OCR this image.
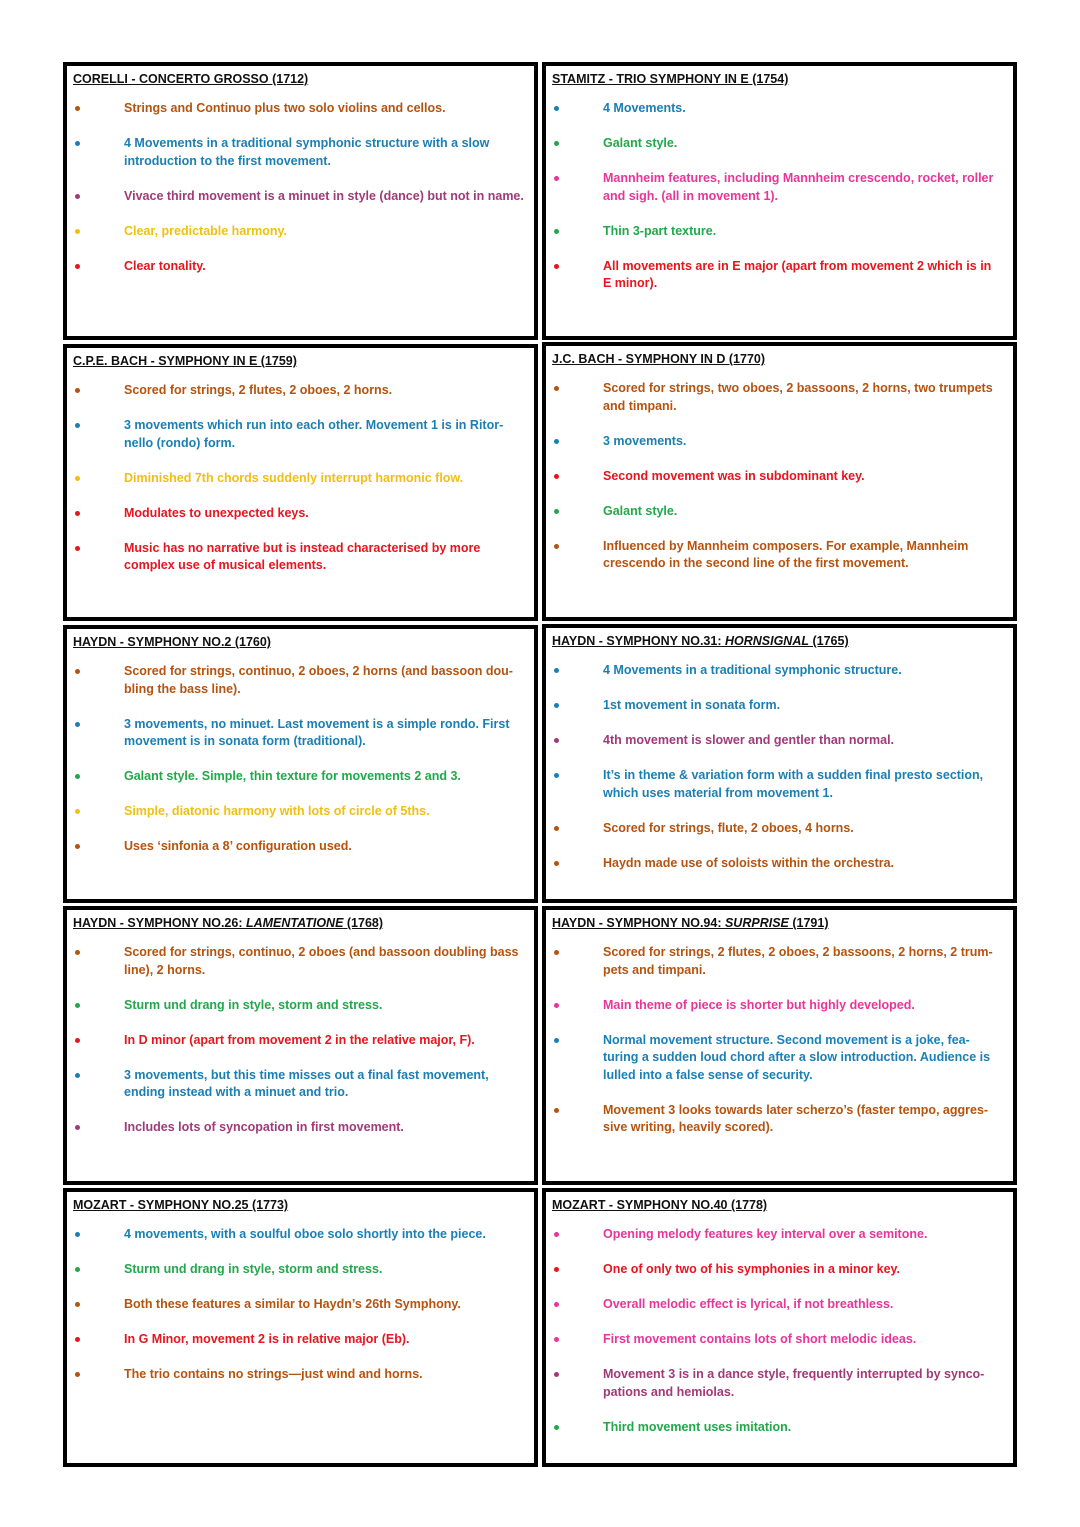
CORELLI - CONCERTO GROSSO (1712)
Strings and Continuo plus two solo violins and cellos.
4 Movements in a traditional symphonic structure with a slow introduction to the first movement.
Vivace third movement is a minuet in style (dance) but not in name.
Clear, predictable harmony.
Clear tonality.
STAMITZ - TRIO SYMPHONY IN E (1754)
4 Movements.
Galant style.
Mannheim features, including Mannheim crescendo, rocket, roller and sigh. (all in movement 1).
Thin 3-part texture.
All movements are in E major (apart from movement 2 which is in E minor).
C.P.E. BACH - SYMPHONY IN E (1759)
Scored for strings, 2 flutes, 2 oboes, 2 horns.
3 movements which run into each other. Movement 1 is in Ritor-nello (rondo) form.
Diminished 7th chords suddenly interrupt harmonic flow.
Modulates to unexpected keys.
Music has no narrative but is instead characterised by more complex use of musical elements.
J.C. BACH - SYMPHONY IN D (1770)
Scored for strings, two oboes, 2 bassoons, 2 horns, two trumpets and timpani.
3 movements.
Second movement was in subdominant key.
Galant style.
Influenced by Mannheim composers. For example, Mannheim crescendo in the second line of the first movement.
HAYDN - SYMPHONY NO.2 (1760)
Scored for strings, continuo, 2 oboes, 2 horns (and bassoon dou-bling the bass line).
3 movements, no minuet. Last movement is a simple rondo. First movement is in sonata form (traditional).
Galant style. Simple, thin texture for movements 2 and 3.
Simple, diatonic harmony with lots of circle of 5ths.
Uses ‘sinfonia a 8’ configuration used.
HAYDN - SYMPHONY NO.31: HORNSIGNAL (1765)
4 Movements in a traditional symphonic structure.
1st movement in sonata form.
4th movement is slower and gentler than normal.
It’s in theme & variation form with a sudden final presto section, which uses material from movement 1.
Scored for strings, flute, 2 oboes, 4 horns.
Haydn made use of soloists within the orchestra.
HAYDN - SYMPHONY NO.26: LAMENTATIONE (1768)
Scored for strings, continuo, 2 oboes (and bassoon doubling bass line), 2 horns.
Sturm und drang in style, storm and stress.
In D minor (apart from movement 2 in the relative major, F).
3 movements, but this time misses out a final fast movement, ending instead with a minuet and trio.
Includes lots of syncopation in first movement.
HAYDN - SYMPHONY NO.94: SURPRISE (1791)
Scored for strings, 2 flutes, 2 oboes, 2 bassoons, 2 horns, 2 trum-pets and timpani.
Main theme of piece is shorter but highly developed.
Normal movement structure. Second movement is a joke, fea-turing a sudden loud chord after a slow introduction. Audience is lulled into a false sense of security.
Movement 3 looks towards later scherzo’s (faster tempo, aggres-sive writing, heavily scored).
MOZART - SYMPHONY NO.25 (1773)
4 movements, with a soulful oboe solo shortly into the piece.
Sturm und drang in style, storm and stress.
Both these features a similar to Haydn’s 26th Symphony.
In G Minor, movement 2 is in relative major (Eb).
The trio contains no strings—just wind and horns.
MOZART - SYMPHONY NO.40 (1778)
Opening melody features key interval over a semitone.
One of only two of his symphonies in a minor key.
Overall melodic effect is lyrical, if not breathless.
First movement contains lots of short melodic ideas.
Movement 3 is in a dance style, frequently interrupted by synco-pations and hemiolas.
Third movement uses imitation.
